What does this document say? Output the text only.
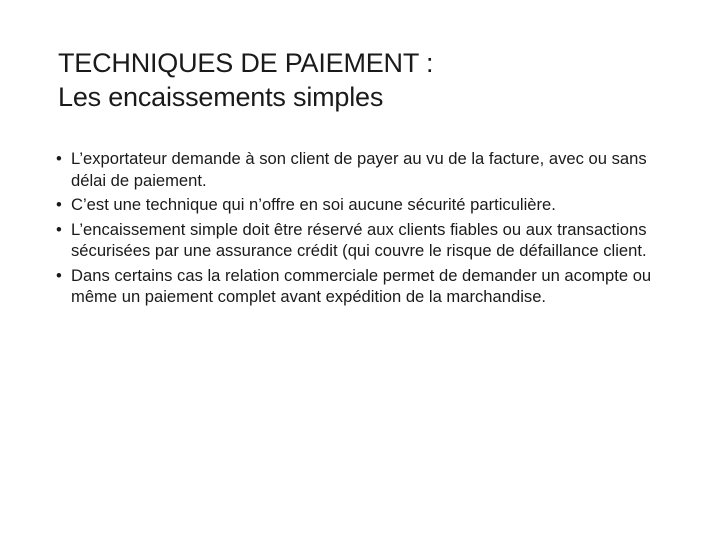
TECHNIQUES DE PAIEMENT :
Les encaissements simples
• L’exportateur demande à son client de payer au vu de la facture, avec ou sans délai de paiement.
• C’est une technique qui n’offre en soi aucune sécurité particulière.
• L’encaissement simple doit être réservé aux clients fiables ou aux transactions sécurisées par une assurance crédit (qui couvre le risque de défaillance client.
• Dans certains cas la relation commerciale permet de demander un acompte ou même un paiement complet avant expédition de la marchandise.
